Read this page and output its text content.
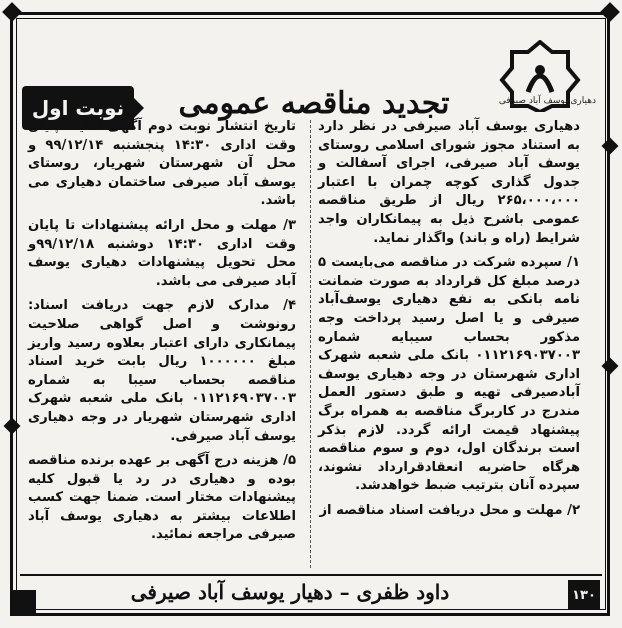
تجدید مناقصه عمومی
نوبت اول	دهیاری یوسف آباد صیرفی

دهیاری یوسف آباد صیرفی در نظر دارد به استناد مجوز شورای اسلامی روستای یوسف آباد صیرفی، اجرای آسفالت و جدول گذاری کوچه چمران با اعتبار ۲۶۵،۰۰۰،۰۰۰ ریال از طریق مناقصه عمومی باشرح ذیل به پیمانکاران واجد شرایط (راه و باند) واگذار نماید.

۱/ سپرده شرکت در مناقصه می‌بایست ۵ درصد مبلغ کل قرارداد به صورت ضمانت نامه بانکی به نفع دهیاری یوسف‌آباد صیرفی و یا اصل رسید پرداخت وجه مذکور بحساب سیبایه شماره ۰۱۱۲۱۶۹۰۳۷۰۰۳ بانک ملی شعبه شهرک اداری شهرستان در وجه دهیاری یوسف آبادصیرفی تهیه و طبق دستور العمل مندرج در کاربرگ مناقصه به همراه برگ پیشنهاد قیمت ارائه گردد. لازم بذکر است برندگان اول، دوم و سوم مناقصه هرگاه حاضربه انعقادقرارداد نشوند، سپرده آنان بترتیب ضبط خواهدشد.

۲/ مهلت و محل دریافت اسناد مناقصه از

تاریخ انتشار نوبت دوم آگهی لغایت پایان وقت اداری ۱۴:۳۰ پنجشنبه ۹۹/۱۲/۱۴ و محل آن شهرستان شهریار، روستای یوسف آباد صیرفی ساختمان دهیاری می باشد.

۳/ مهلت و محل ارائه پیشنهادات تا پایان وقت اداری ۱۴:۳۰ دوشنبه ۹۹/۱۲/۱۸و محل تحویل پیشنهادات دهیاری یوسف آباد صیرفی می باشد.

۴/ مدارک لازم جهت دریافت اسناد: رونوشت و اصل گواهی صلاحیت پیمانکاری دارای اعتبار بعلاوه رسید واریز مبلغ ۱۰۰۰۰۰۰ ریال بابت خرید اسناد مناقصه بحساب سیبا به شماره ۰۱۱۲۱۶۹۰۳۷۰۰۳ بانک ملی شعبه شهرک اداری شهرستان شهریار در وجه دهیاری یوسف آباد صیرفی.

۵/ هزینه درج آگهی بر عهده برنده مناقصه بوده و دهیاری در رد یا قبول کلیه پیشنهادات مختار است. ضمنا جهت کسب اطلاعات بیشتر به دهیاری یوسف آباد صیرفی مراجعه نمائید.

داود ظفری – دهیار یوسف آباد صیرفی	۱۳۰
